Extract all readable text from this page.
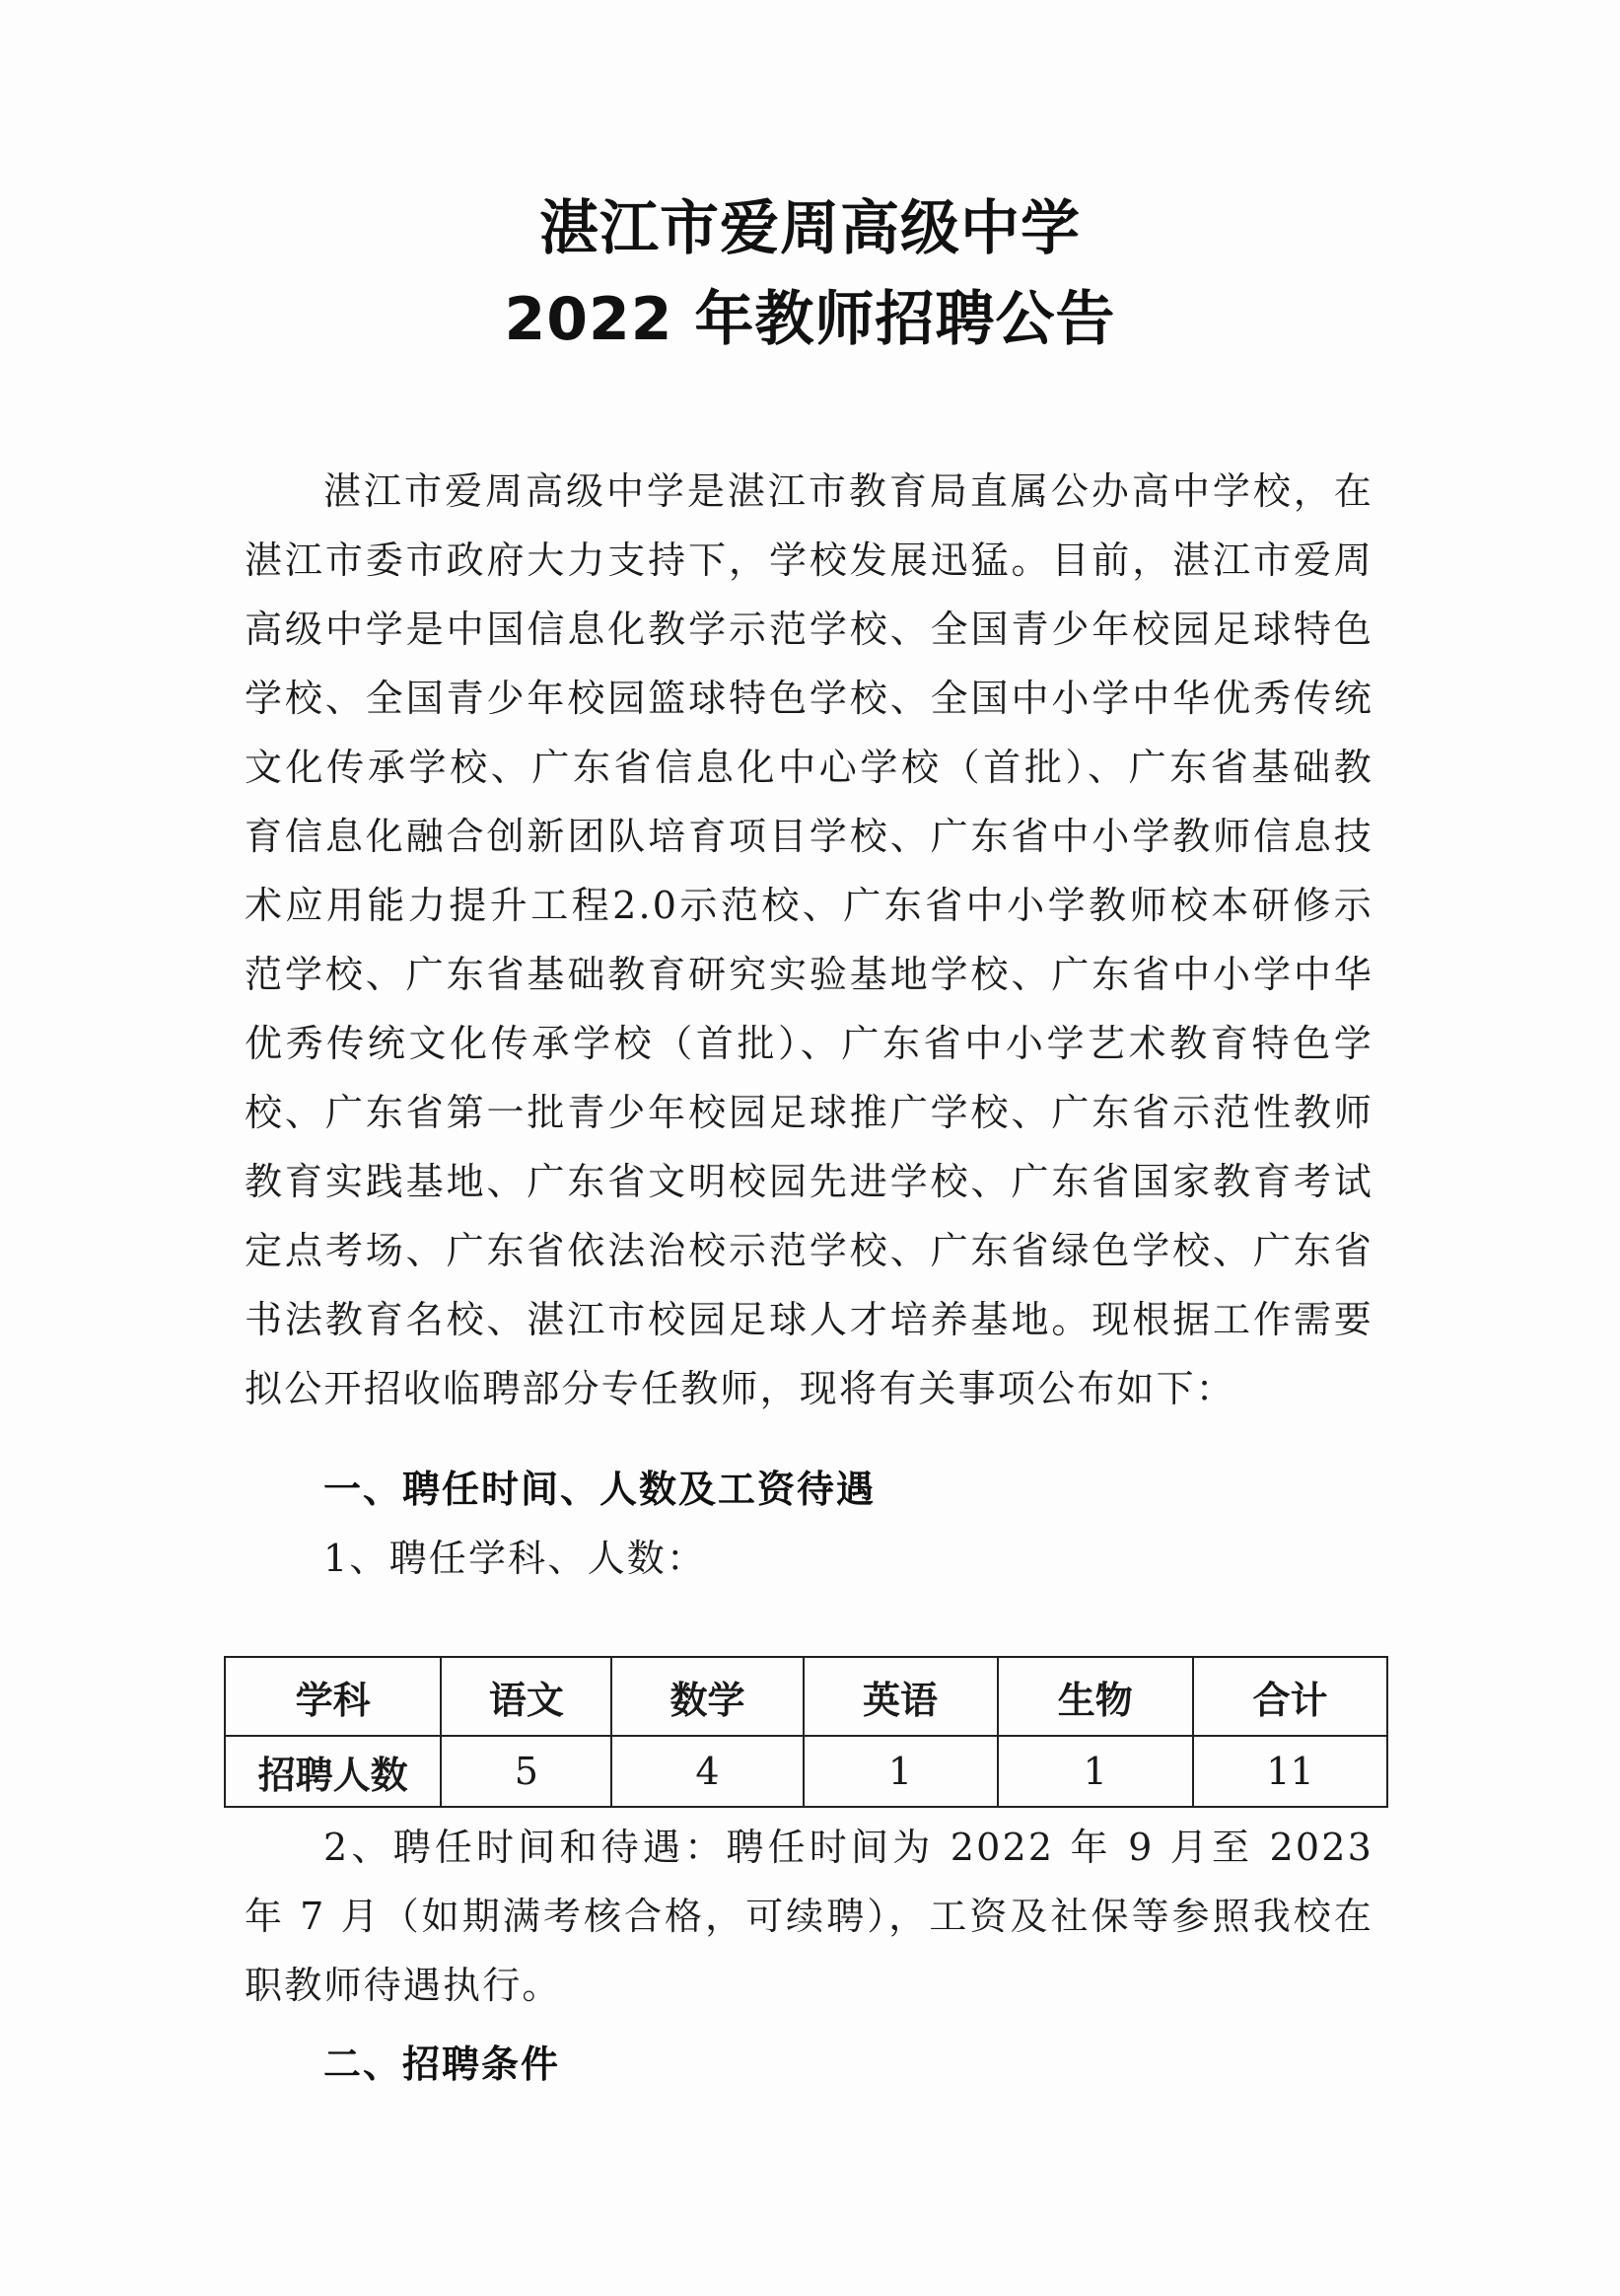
湛江市爱周高级中学
2022 年教师招聘公告

湛江市爱周高级中学是湛江市教育局直属公办高中学校，在湛江市委市政府大力支持下，学校发展迅猛。目前，湛江市爱周高级中学是中国信息化教学示范学校、全国青少年校园足球特色学校、全国青少年校园篮球特色学校、全国中小学中华优秀传统文化传承学校、广东省信息化中心学校（首批）、广东省基础教育信息化融合创新团队培育项目学校、广东省中小学教师信息技术应用能力提升工程2.0示范校、广东省中小学教师校本研修示范学校、广东省基础教育研究实验基地学校、广东省中小学中华优秀传统文化传承学校（首批）、广东省中小学艺术教育特色学校、广东省第一批青少年校园足球推广学校、广东省示范性教师教育实践基地、广东省文明校园先进学校、广东省国家教育考试定点考场、广东省依法治校示范学校、广东省绿色学校、广东省书法教育名校、湛江市校园足球人才培养基地。现根据工作需要拟公开招收临聘部分专任教师，现将有关事项公布如下：

一、聘任时间、人数及工资待遇
1、聘任学科、人数：
学科	语文	数学	英语	生物	合计
招聘人数	5	4	1	1	11

2、聘任时间和待遇：聘任时间为 2022 年 9 月至 2023 年 7 月（如期满考核合格，可续聘），工资及社保等参照我校在职教师待遇执行。

二、招聘条件
